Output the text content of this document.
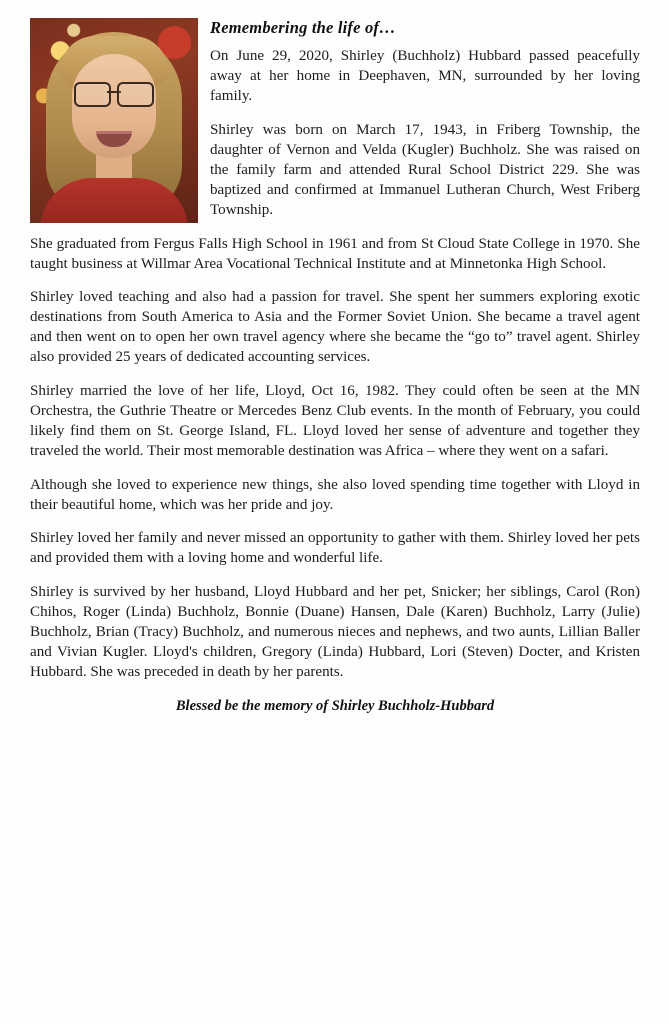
Remembering the life of…

On June 29, 2020, Shirley (Buchholz) Hubbard passed peacefully away at her home in Deephaven, MN, surrounded by her loving family.

Shirley was born on March 17, 1943, in Friberg Township, the daughter of Vernon and Velda (Kugler) Buchholz. She was raised on the family farm and attended Rural School District 229. She was baptized and confirmed at Immanuel Lutheran Church, West Friberg Township.

She graduated from Fergus Falls High School in 1961 and from St Cloud State College in 1970. She taught business at Willmar Area Vocational Technical Institute and at Minnetonka High School.

Shirley loved teaching and also had a passion for travel. She spent her summers exploring exotic destinations from South America to Asia and the Former Soviet Union. She became a travel agent and then went on to open her own travel agency where she became the “go to” travel agent. Shirley also provided 25 years of dedicated accounting services.

Shirley married the love of her life, Lloyd, Oct 16, 1982. They could often be seen at the MN Orchestra, the Guthrie Theatre or Mercedes Benz Club events. In the month of February, you could likely find them on St. George Island, FL. Lloyd loved her sense of adventure and together they traveled the world. Their most memorable destination was Africa – where they went on a safari.

Although she loved to experience new things, she also loved spending time together with Lloyd in their beautiful home, which was her pride and joy.

Shirley loved her family and never missed an opportunity to gather with them. Shirley loved her pets and provided them with a loving home and wonderful life.

Shirley is survived by her husband, Lloyd Hubbard and her pet, Snicker; her siblings, Carol (Ron) Chihos, Roger (Linda) Buchholz, Bonnie (Duane) Hansen, Dale (Karen) Buchholz, Larry (Julie) Buchholz, Brian (Tracy) Buchholz, and numerous nieces and nephews, and two aunts, Lillian Baller and Vivian Kugler. Lloyd's children, Gregory (Linda) Hubbard, Lori (Steven) Docter, and Kristen Hubbard. She was preceded in death by her parents.

Blessed be the memory of Shirley Buchholz-Hubbard
